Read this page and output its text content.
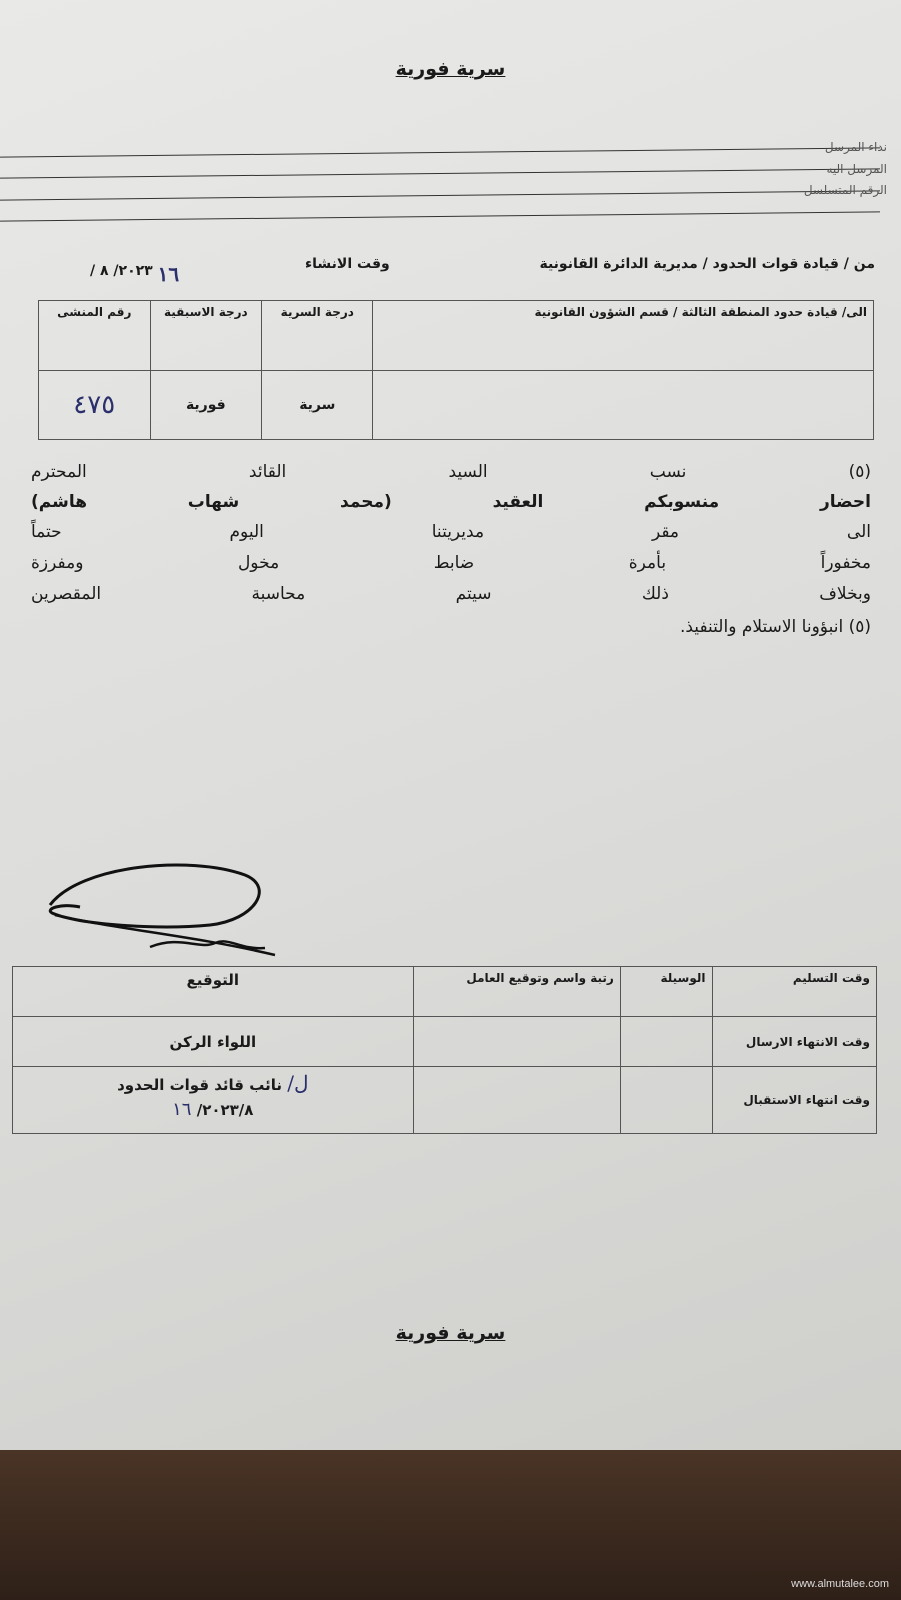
سرية فورية
نداء المرسل
المرسل اليه
الرقم المتسلسل
من / قيادة قوات الحدود / مديرية الدائرة القانونية
وقت الانشاء
١٦ ٢٠٢٣/ ٨ /
الى/ قيادة حدود المنطقة الثالثة / قسم الشؤون القانونية	درجة السرية	درجة الاسبقية	رقم المنشى
	سرية	فورية	٤٧٥
(٥) نسب السيد القائد المحترم
احضار منسوبكم العقيد (محمد شهاب هاشم)
الى مقر مديريتنا اليوم حتماً
مخفوراً بأمرة ضابط مخول ومفرزة
وبخلاف ذلك سيتم محاسبة المقصرين
(٥) انبؤونا الاستلام والتنفيذ.
وقت التسليم	الوسيلة	رتبة واسم وتوقيع العامل	التوقيع
وقت الانتهاء الارسال			اللواء الركن
وقت انتهاء الاستقبال			ل/ نائب قائد قوات الحدود
٢٠٢٣/٨/ ١٦
سرية فورية
www.almutalee.com
